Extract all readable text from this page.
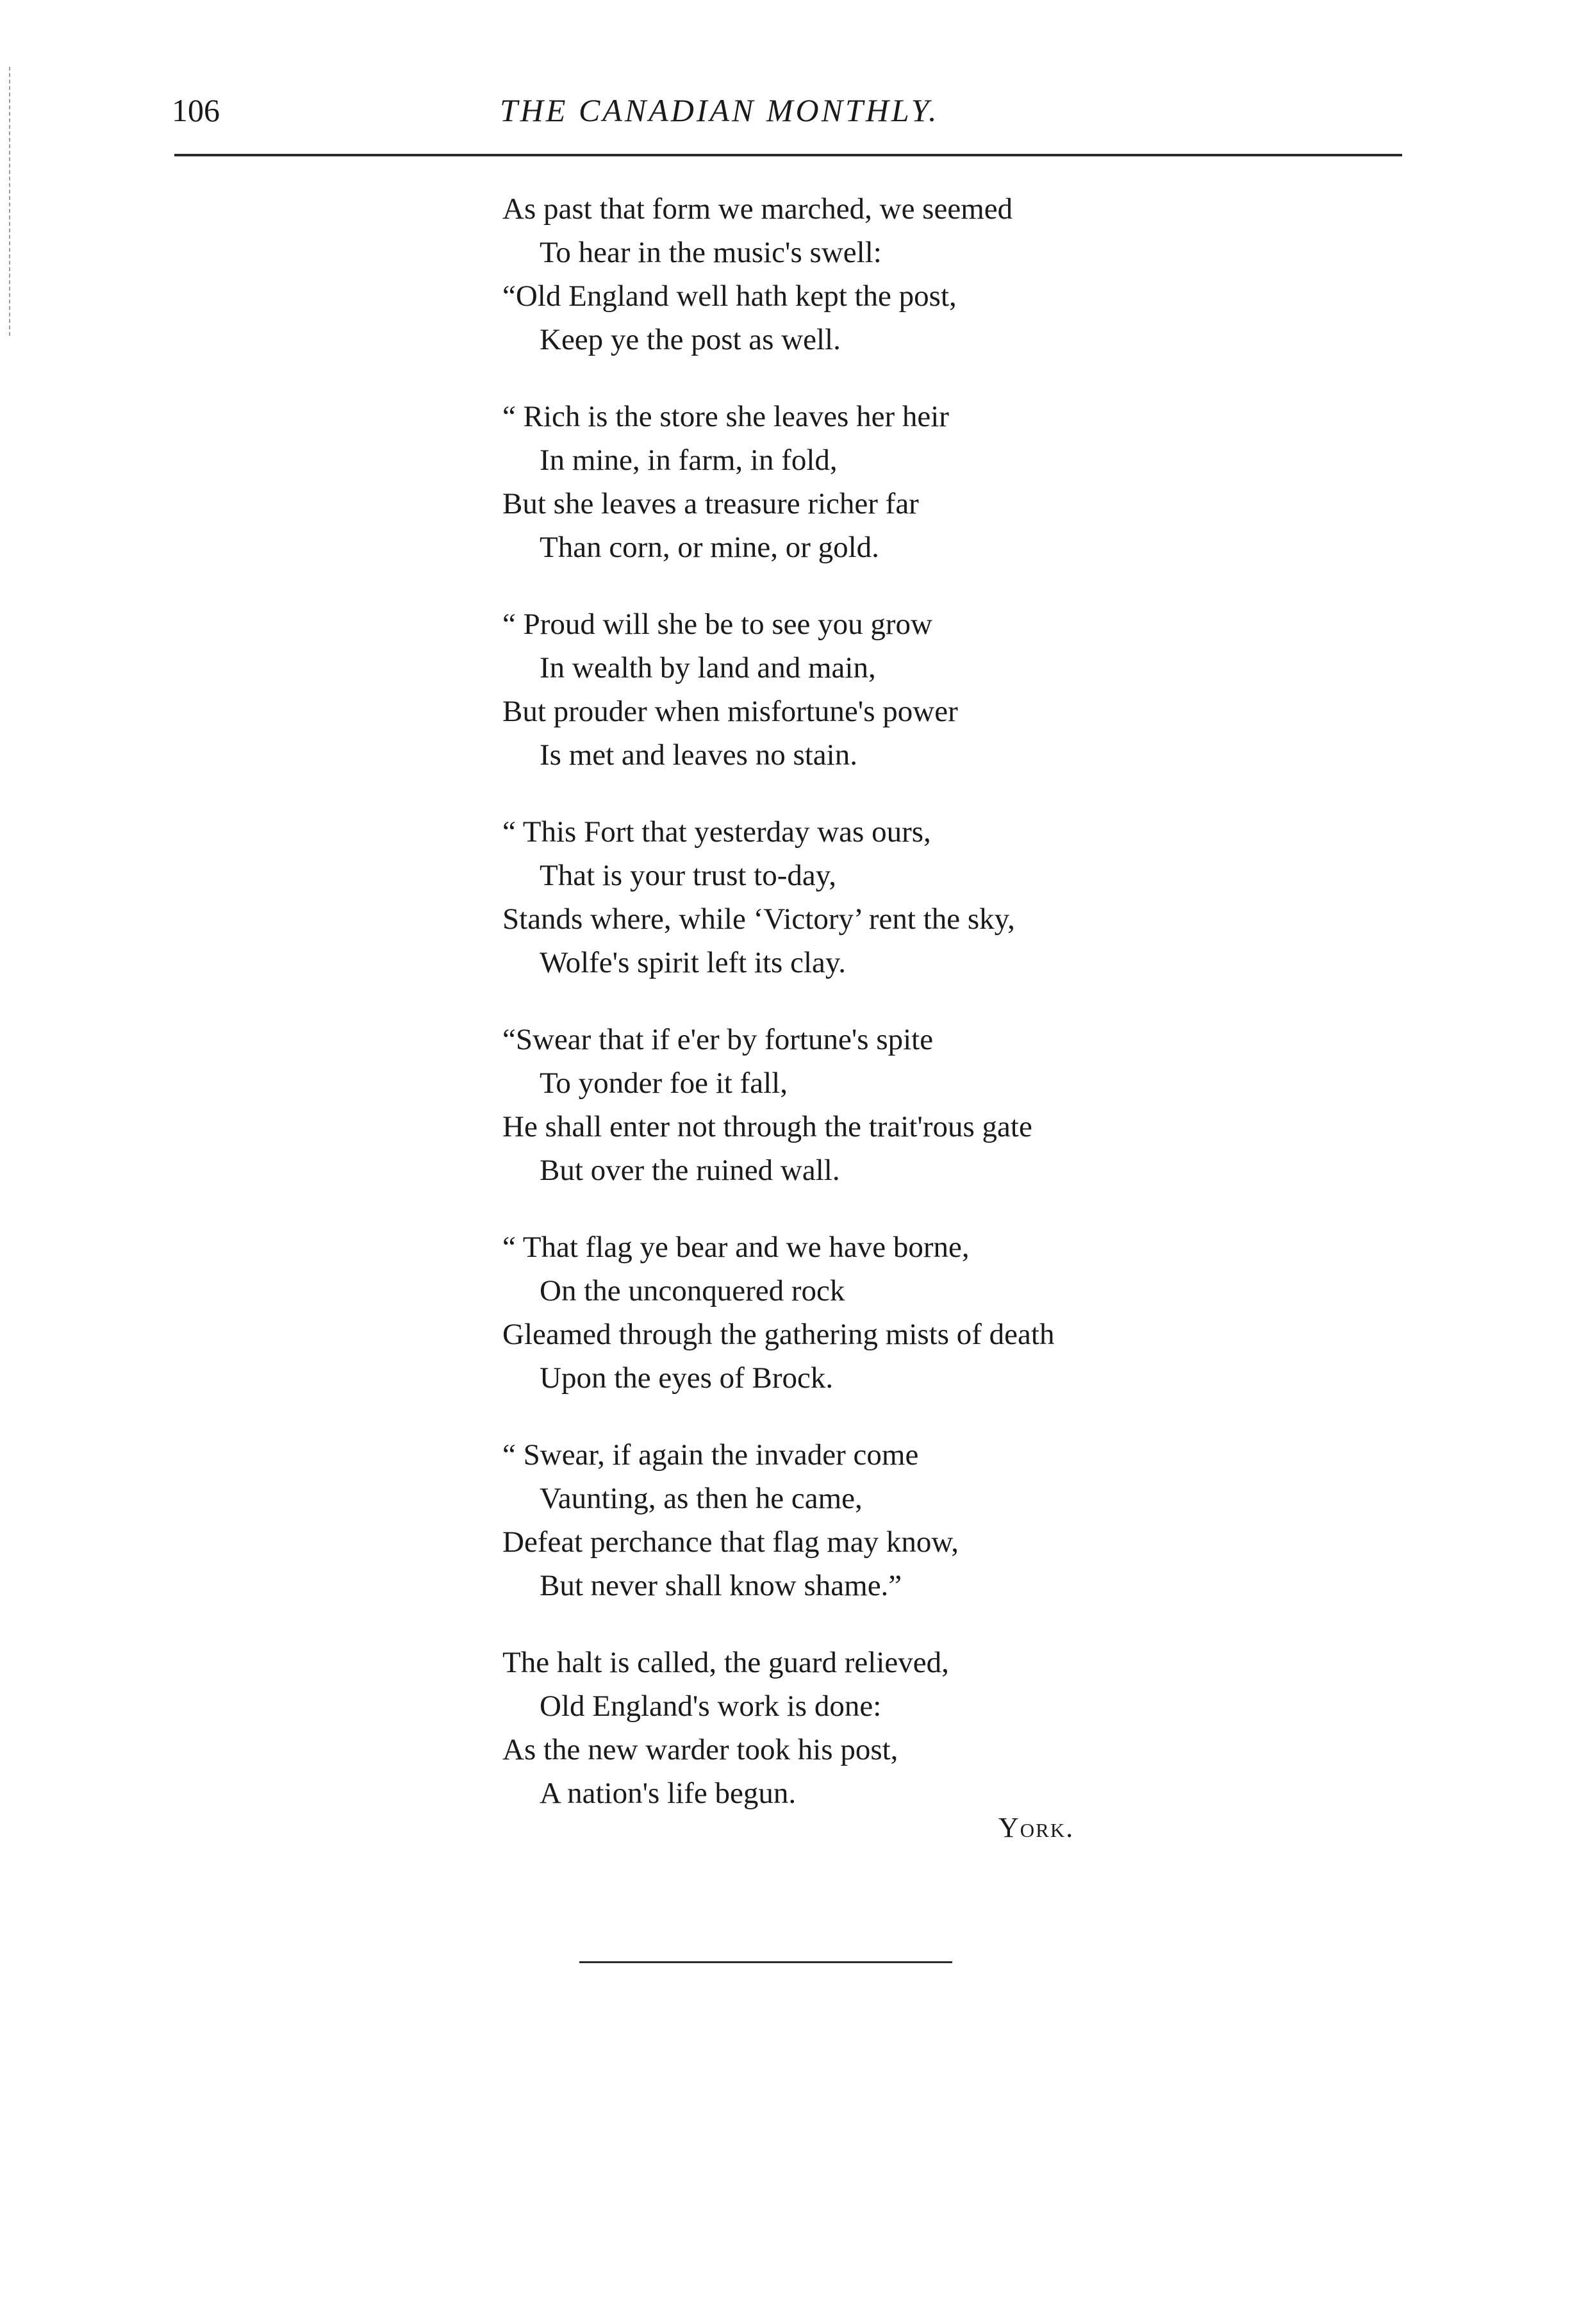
106	THE CANADIAN MONTHLY.
As past that form we marched, we seemed
To hear in the music's swell:
“Old England well hath kept the post,
Keep ye the post as well.
“ Rich is the store she leaves her heir
In mine, in farm, in fold,
But she leaves a treasure richer far
Than corn, or mine, or gold.
“ Proud will she be to see you grow
In wealth by land and main,
But prouder when misfortune's power
Is met and leaves no stain.
“ This Fort that yesterday was ours,
That is your trust to-day,
Stands where, while ‘Victory’ rent the sky,
Wolfe's spirit left its clay.
“Swear that if e'er by fortune's spite
To yonder foe it fall,
He shall enter not through the trait'rous gate
But over the ruined wall.
“ That flag ye bear and we have borne,
On the unconquered rock
Gleamed through the gathering mists of death
Upon the eyes of Brock.
“ Swear, if again the invader come
Vaunting, as then he came,
Defeat perchance that flag may know,
But never shall know shame.”
The halt is called, the guard relieved,
Old England's work is done:
As the new warder took his post,
A nation's life begun.
York.
